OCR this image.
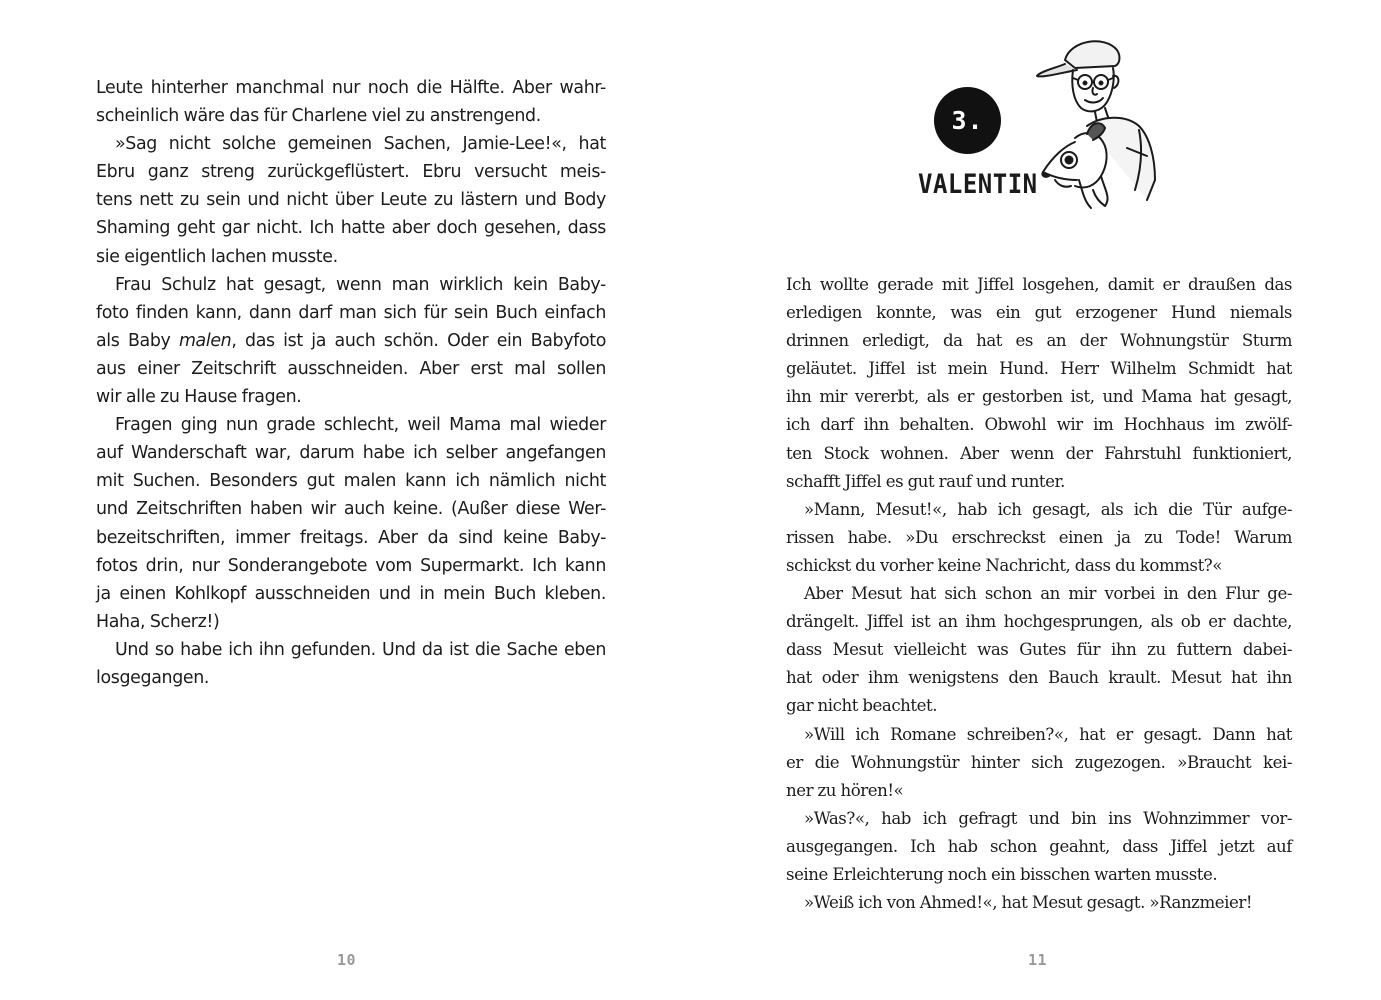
Leute hinterher manchmal nur noch die Hälfte. Aber wahr-
scheinlich wäre das für Charlene viel zu anstrengend.
»Sag nicht solche gemeinen Sachen, Jamie-Lee!«, hat
Ebru ganz streng zurückgeflüstert. Ebru versucht meis-
tens nett zu sein und nicht über Leute zu lästern und Body
Shaming geht gar nicht. Ich hatte aber doch gesehen, dass
sie eigentlich lachen musste.
Frau Schulz hat gesagt, wenn man wirklich kein Baby-
foto finden kann, dann darf man sich für sein Buch einfach
als Baby malen, das ist ja auch schön. Oder ein Babyfoto
aus einer Zeitschrift ausschneiden. Aber erst mal sollen
wir alle zu Hause fragen.
Fragen ging nun grade schlecht, weil Mama mal wieder
auf Wanderschaft war, darum habe ich selber angefangen
mit Suchen. Besonders gut malen kann ich nämlich nicht
und Zeitschriften haben wir auch keine. (Außer diese Wer-
bezeitschriften, immer freitags. Aber da sind keine Baby-
fotos drin, nur Sonderangebote vom Supermarkt. Ich kann
ja einen Kohlkopf ausschneiden und in mein Buch kleben.
Haha, Scherz!)
Und so habe ich ihn gefunden. Und da ist die Sache eben
losgegangen.
10
3.
VALENTIN
Ich wollte gerade mit Jiffel losgehen, damit er draußen das
erledigen konnte, was ein gut erzogener Hund niemals
drinnen erledigt, da hat es an der Wohnungstür Sturm
geläutet. Jiffel ist mein Hund. Herr Wilhelm Schmidt hat
ihn mir vererbt, als er gestorben ist, und Mama hat gesagt,
ich darf ihn behalten. Obwohl wir im Hochhaus im zwölf-
ten Stock wohnen. Aber wenn der Fahrstuhl funktioniert,
schafft Jiffel es gut rauf und runter.
»Mann, Mesut!«, hab ich gesagt, als ich die Tür aufge-
rissen habe. »Du erschreckst einen ja zu Tode! Warum
schickst du vorher keine Nachricht, dass du kommst?«
Aber Mesut hat sich schon an mir vorbei in den Flur ge-
drängelt. Jiffel ist an ihm hochgesprungen, als ob er dachte,
dass Mesut vielleicht was Gutes für ihn zu futtern dabei-
hat oder ihm wenigstens den Bauch krault. Mesut hat ihn
gar nicht beachtet.
»Will ich Romane schreiben?«, hat er gesagt. Dann hat
er die Wohnungstür hinter sich zugezogen. »Braucht kei-
ner zu hören!«
»Was?«, hab ich gefragt und bin ins Wohnzimmer vor-
ausgegangen. Ich hab schon geahnt, dass Jiffel jetzt auf
seine Erleichterung noch ein bisschen warten musste.
»Weiß ich von Ahmed!«, hat Mesut gesagt. »Ranzmeier!
11
